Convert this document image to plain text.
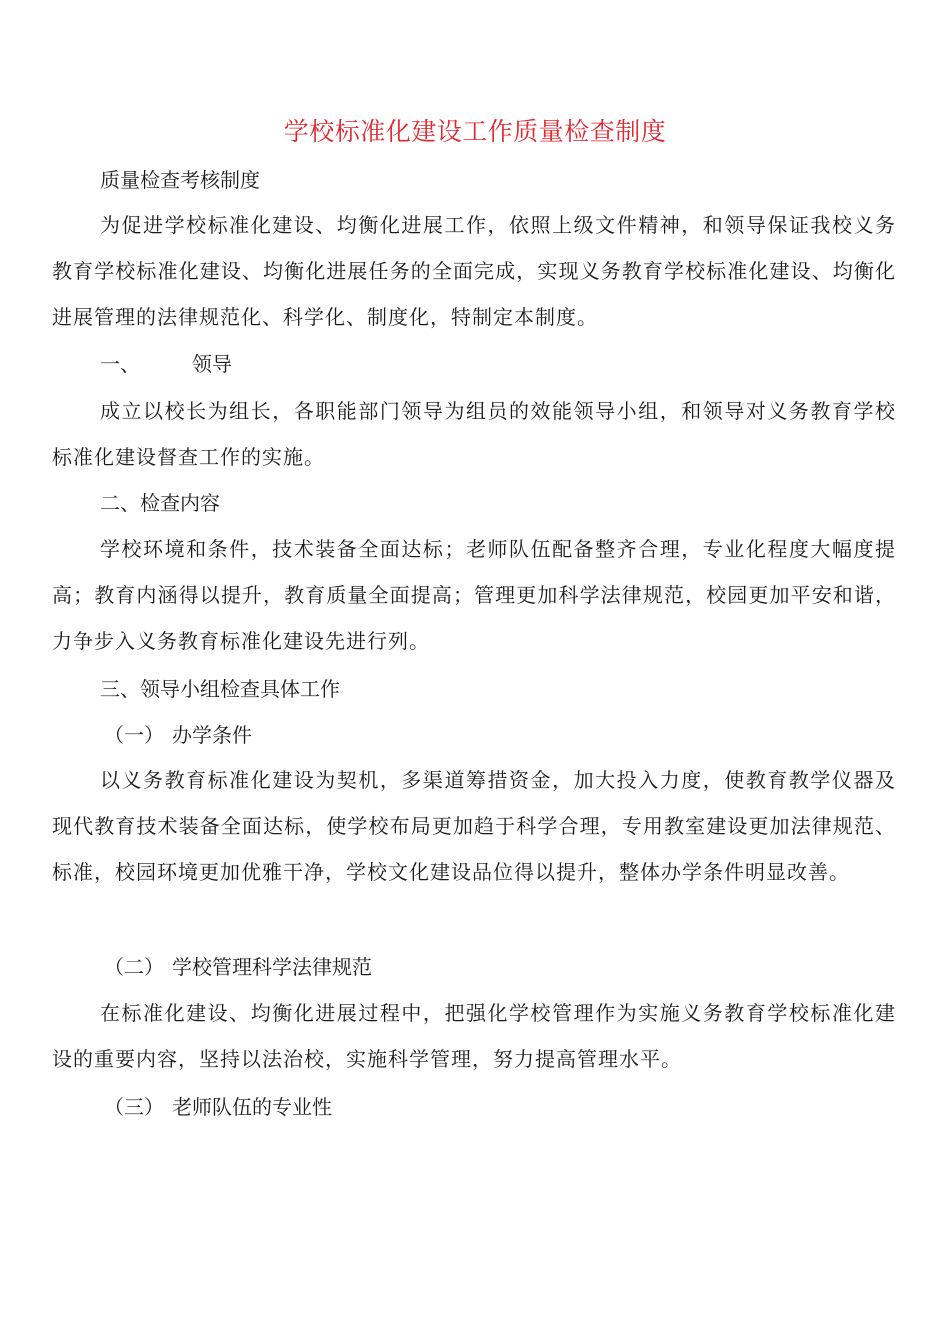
学校标准化建设工作质量检查制度
质量检查考核制度

为促进学校标准化建设、均衡化进展工作，依照上级文件精神，和领导保证我校义务教育学校标准化建设、均衡化进展任务的全面完成，实现义务教育学校标准化建设、均衡化进展管理的法律规范化、科学化、制度化，特制定本制度。

一、	领导

成立以校长为组长，各职能部门领导为组员的效能领导小组，和领导对义务教育学校标准化建设督查工作的实施。

二、检查内容

学校环境和条件，技术装备全面达标；老师队伍配备整齐合理，专业化程度大幅度提高；教育内涵得以提升，教育质量全面提高；管理更加科学法律规范，校园更加平安和谐，力争步入义务教育标准化建设先进行列。

三、领导小组检查具体工作
（一） 办学条件

以义务教育标准化建设为契机，多渠道筹措资金，加大投入力度，使教育教学仪器及现代教育技术装备全面达标，使学校布局更加趋于科学合理，专用教室建设更加法律规范、标准，校园环境更加优雅干净，学校文化建设品位得以提升，整体办学条件明显改善。

（二） 学校管理科学法律规范

在标准化建设、均衡化进展过程中，把强化学校管理作为实施义务教育学校标准化建设的重要内容，坚持以法治校，实施科学管理，努力提高管理水平。

（三） 老师队伍的专业性
